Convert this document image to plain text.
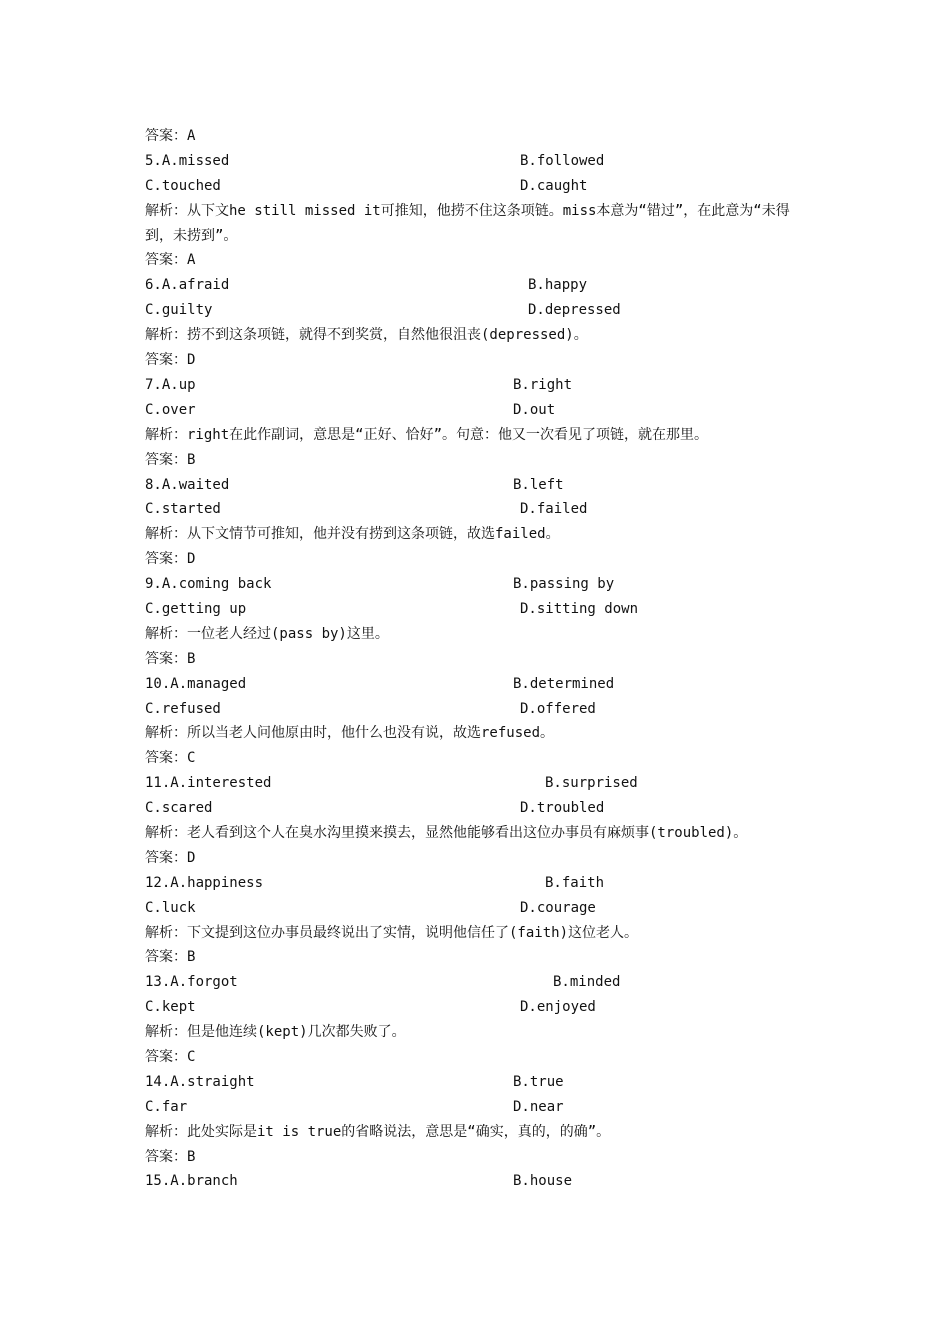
答案：A
5.A.missed	B.followed
C.touched	D.caught
解析：从下文he still missed it可推知，他捞不住这条项链。miss本意为“错过”，在此意为“未得到，未捞到”。
答案：A
6.A.afraid	B.happy
C.guilty	D.depressed
解析：捞不到这条项链，就得不到奖赏，自然他很沮丧(depressed)。
答案：D
7.A.up	B.right
C.over	D.out
解析：right在此作副词，意思是“正好、恰好”。句意：他又一次看见了项链，就在那里。
答案：B
8.A.waited	B.left
C.started	D.failed
解析：从下文情节可推知，他并没有捞到这条项链，故选failed。
答案：D
9.A.coming back	B.passing by
C.getting up	D.sitting down
解析：一位老人经过(pass by)这里。
答案：B
10.A.managed	B.determined
C.refused	D.offered
解析：所以当老人问他原由时，他什么也没有说，故选refused。
答案：C
11.A.interested	B.surprised
C.scared	D.troubled
解析：老人看到这个人在臭水沟里摸来摸去，显然他能够看出这位办事员有麻烦事(troubled)。
答案：D
12.A.happiness	B.faith
C.luck	D.courage
解析：下文提到这位办事员最终说出了实情，说明他信任了(faith)这位老人。
答案：B
13.A.forgot	B.minded
C.kept	D.enjoyed
解析：但是他连续(kept)几次都失败了。
答案：C
14.A.straight	B.true
C.far	D.near
解析：此处实际是it is true的省略说法，意思是“确实，真的，的确”。
答案：B
15.A.branch	B.house
